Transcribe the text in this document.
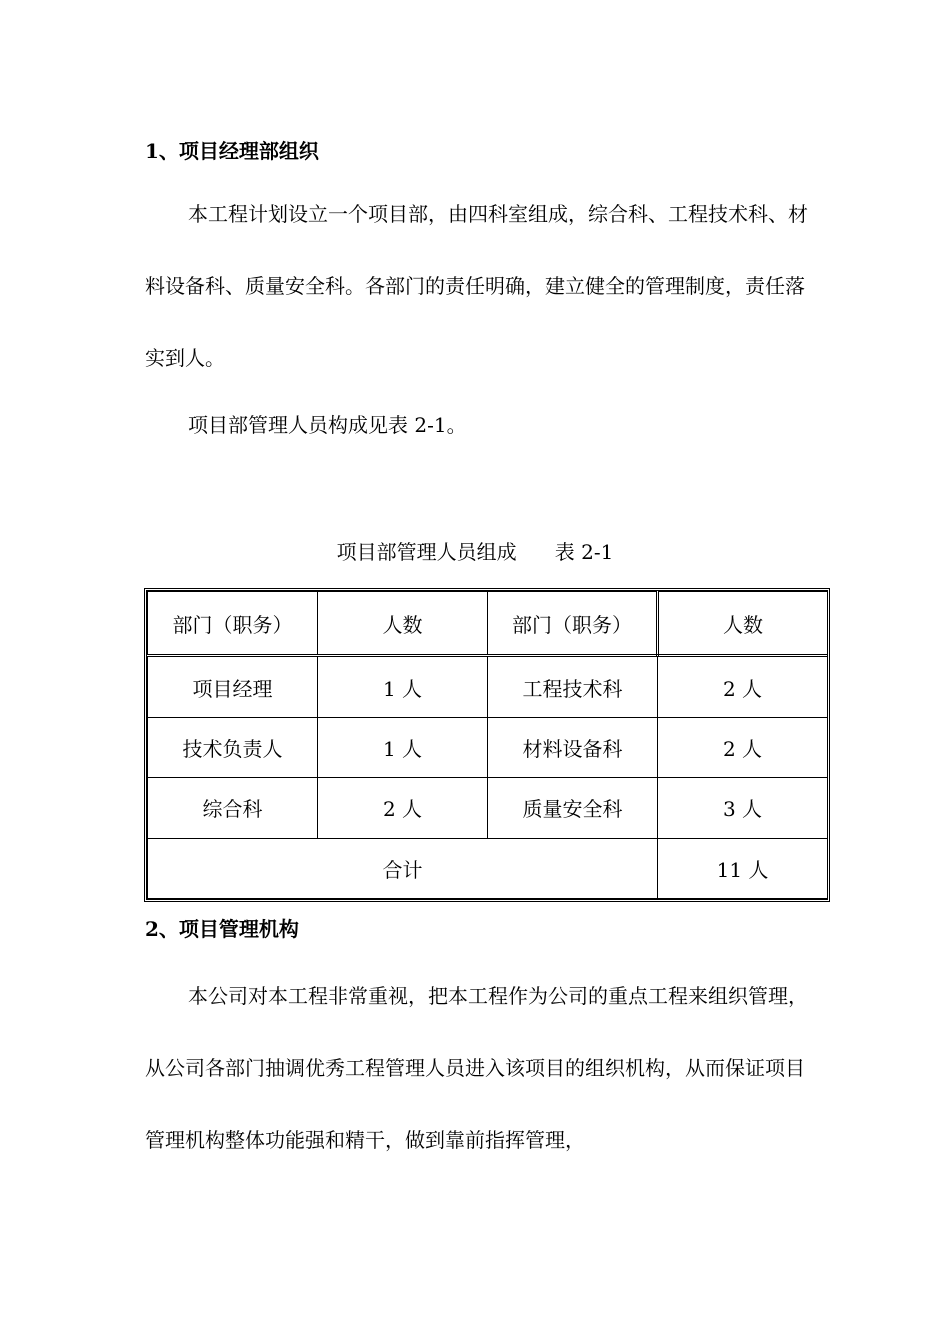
1、项目经理部组织

本工程计划设立一个项目部，由四科室组成，综合科、工程技术科、材料设备科、质量安全科。各部门的责任明确，建立健全的管理制度，责任落实到人。

项目部管理人员构成见表 2-1。
项目部管理人员组成      表 2-1
部门（职务）	人数	部门（职务）	人数
项目经理	1 人	工程技术科	2 人
技术负责人	1 人	材料设备科	2 人
综合科	2 人	质量安全科	3 人
合计			11 人
2、项目管理机构

本公司对本工程非常重视，把本工程作为公司的重点工程来组织管理，从公司各部门抽调优秀工程管理人员进入该项目的组织机构，从而保证项目管理机构整体功能强和精干，做到靠前指挥管理，
